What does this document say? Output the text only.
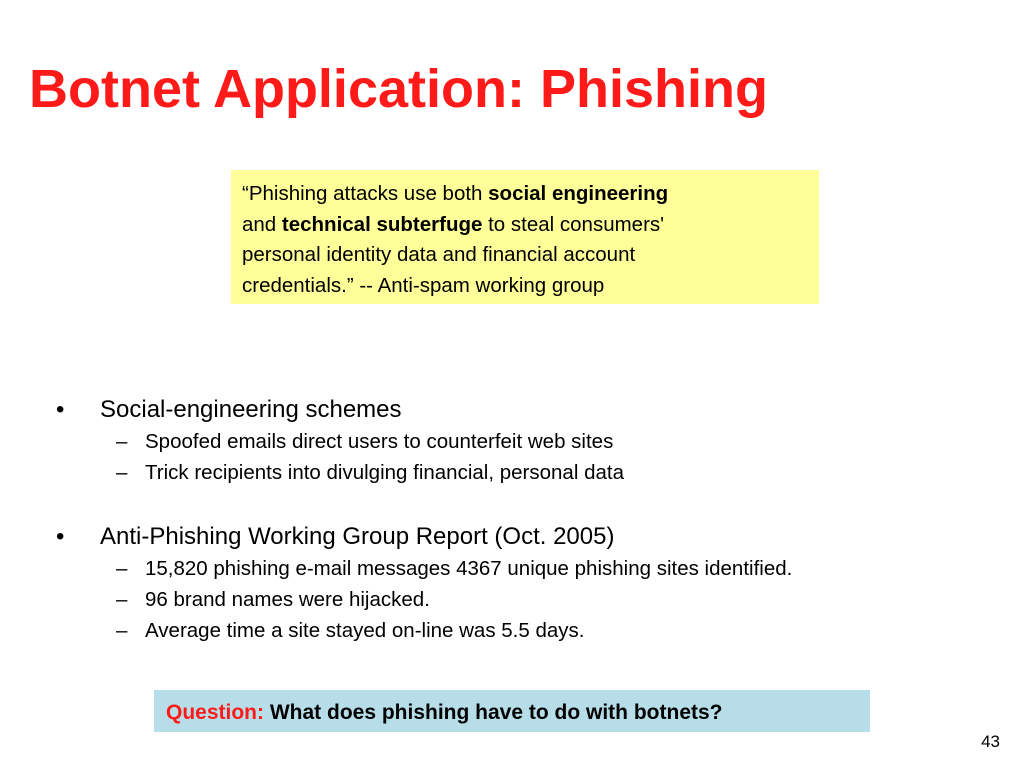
Botnet Application: Phishing
“Phishing attacks use both social engineering
and technical subterfuge to steal consumers'
personal identity data and financial account
credentials.” -- Anti-spam working group
• Social-engineering schemes
– Spoofed emails direct users to counterfeit web sites
– Trick recipients into divulging financial, personal data
• Anti-Phishing Working Group Report (Oct. 2005)
– 15,820 phishing e-mail messages 4367 unique phishing sites identified.
– 96 brand names were hijacked.
– Average time a site stayed on-line was 5.5 days.
Question: What does phishing have to do with botnets?
43
